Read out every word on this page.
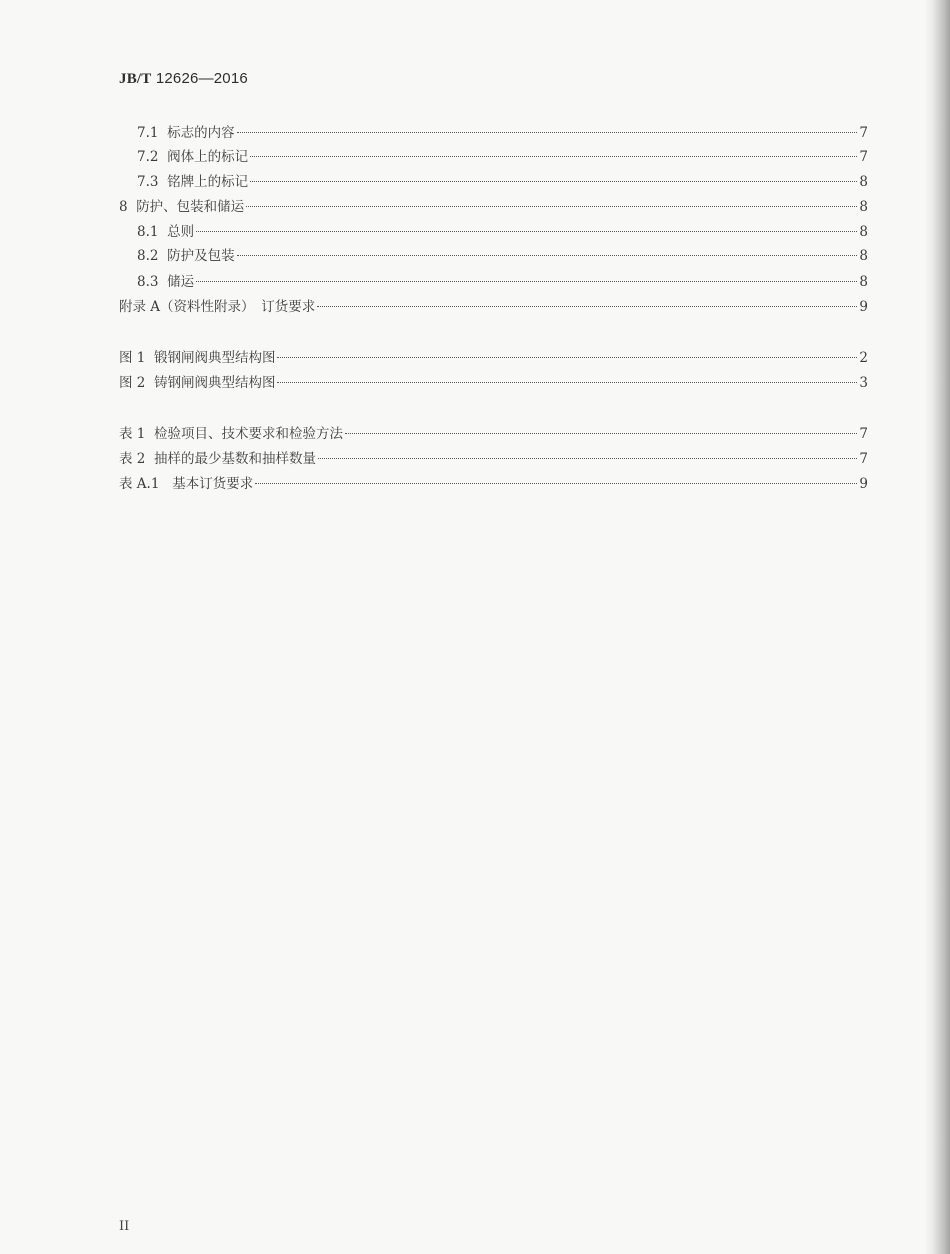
JB/T 12626—2016
7.1 标志的内容	7
7.2 阀体上的标记	7
7.3 铭牌上的标记	8
8 防护、包装和储运	8
8.1 总则	8
8.2 防护及包装	8
8.3 储运	8
附录 A（资料性附录）　订货要求	9
图 1 锻钢闸阀典型结构图	2
图 2 铸钢闸阀典型结构图	3
表 1 检验项目、技术要求和检验方法	7
表 2 抽样的最少基数和抽样数量	7
表 A.1 基本订货要求	9
II
